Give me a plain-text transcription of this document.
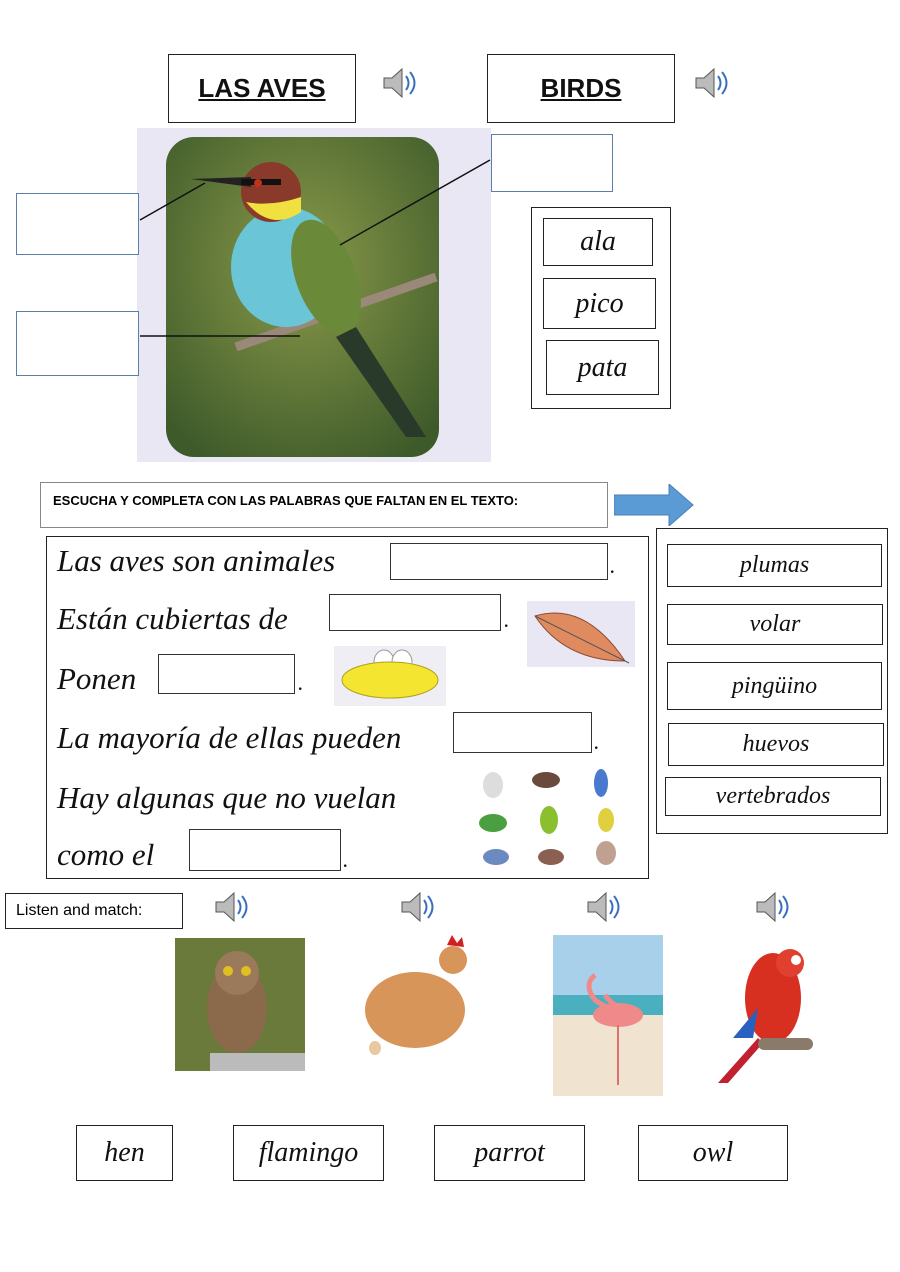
LAS AVES	BIRDS
ala
pico
pata
ESCUCHA Y COMPLETA CON LAS PALABRAS QUE FALTAN EN EL TEXTO:
Las aves son animales	.
Están cubiertas de	.
Ponen	.
La mayoría de ellas pueden	.
Hay algunas que no vuelan
como el	.
plumas
volar
pingüino
huevos
vertebrados
Listen and match:
hen	flamingo	parrot	owl
